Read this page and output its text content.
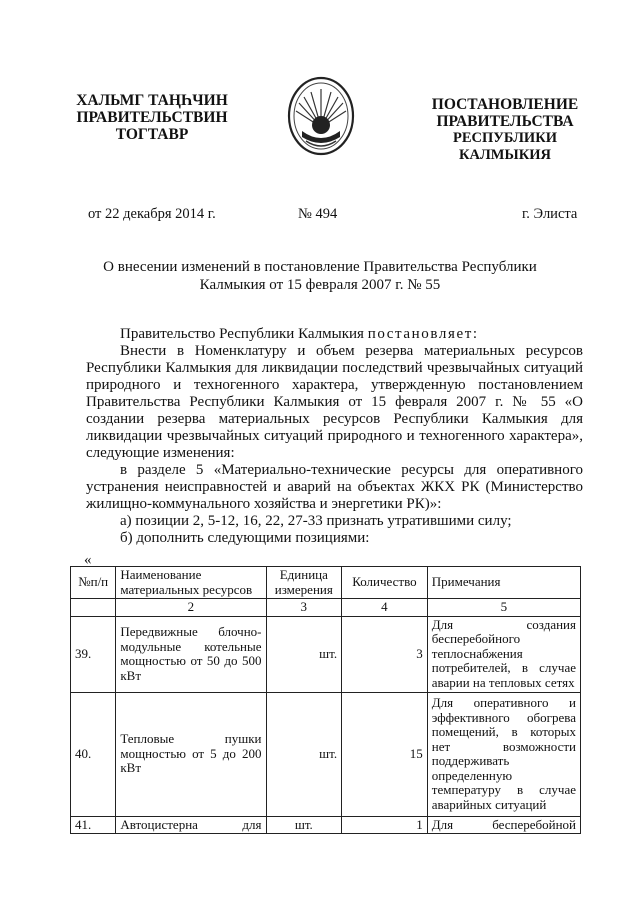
ХАЛЬМГ ТАҢҺЧИН
ПРАВИТЕЛЬСТВИН
ТОГТАВР
ПОСТАНОВЛЕНИЕ
ПРАВИТЕЛЬСТВА
РЕСПУБЛИКИ КАЛМЫКИЯ
от 22 декабря 2014 г.	№ 494	г. Элиста
О внесении изменений в постановление Правительства Республики
Калмыкия от 15 февраля 2007 г. № 55

Правительство Республики Калмыкия постановляет:

Внести в Номенклатуру и объем резерва материальных ресурсов Республики Калмыкия для ликвидации последствий чрезвычайных ситуаций природного и техногенного характера, утвержденную постановлением Правительства Республики Калмыкия от 15 февраля 2007 г. № 55 «О создании резерва материальных ресурсов Республики Калмыкия для ликвидации чрезвычайных ситуаций природного и техногенного характера», следующие изменения:

в разделе 5 «Материально-технические ресурсы для оперативного устранения неисправностей и аварий на объектах ЖКХ РК (Министерство жилищно-коммунального хозяйства и энергетики РК)»:

а) позиции 2, 5-12, 16, 22, 27-33 признать утратившими силу;

б) дополнить следующими позициями:

«
№п/п	Наименование материальных ресурсов	Единица измерения	Количество	Примечания
	2	3	4	5
39.	Передвижные блочно-модульные котельные мощностью от 50 до 500 кВт	шт.	3	Для создания бесперебойного теплоснабжения потребителей, в случае аварии на тепловых сетях
40.	Тепловые пушки мощностью от 5 до 200 кВт	шт.	15	Для оперативного и эффективного обогрева помещений, в которых нет возможности поддерживать определенную температуру в случае аварийных ситуаций
41.	Автоцистерна для	шт.	1	Для бесперебойной
